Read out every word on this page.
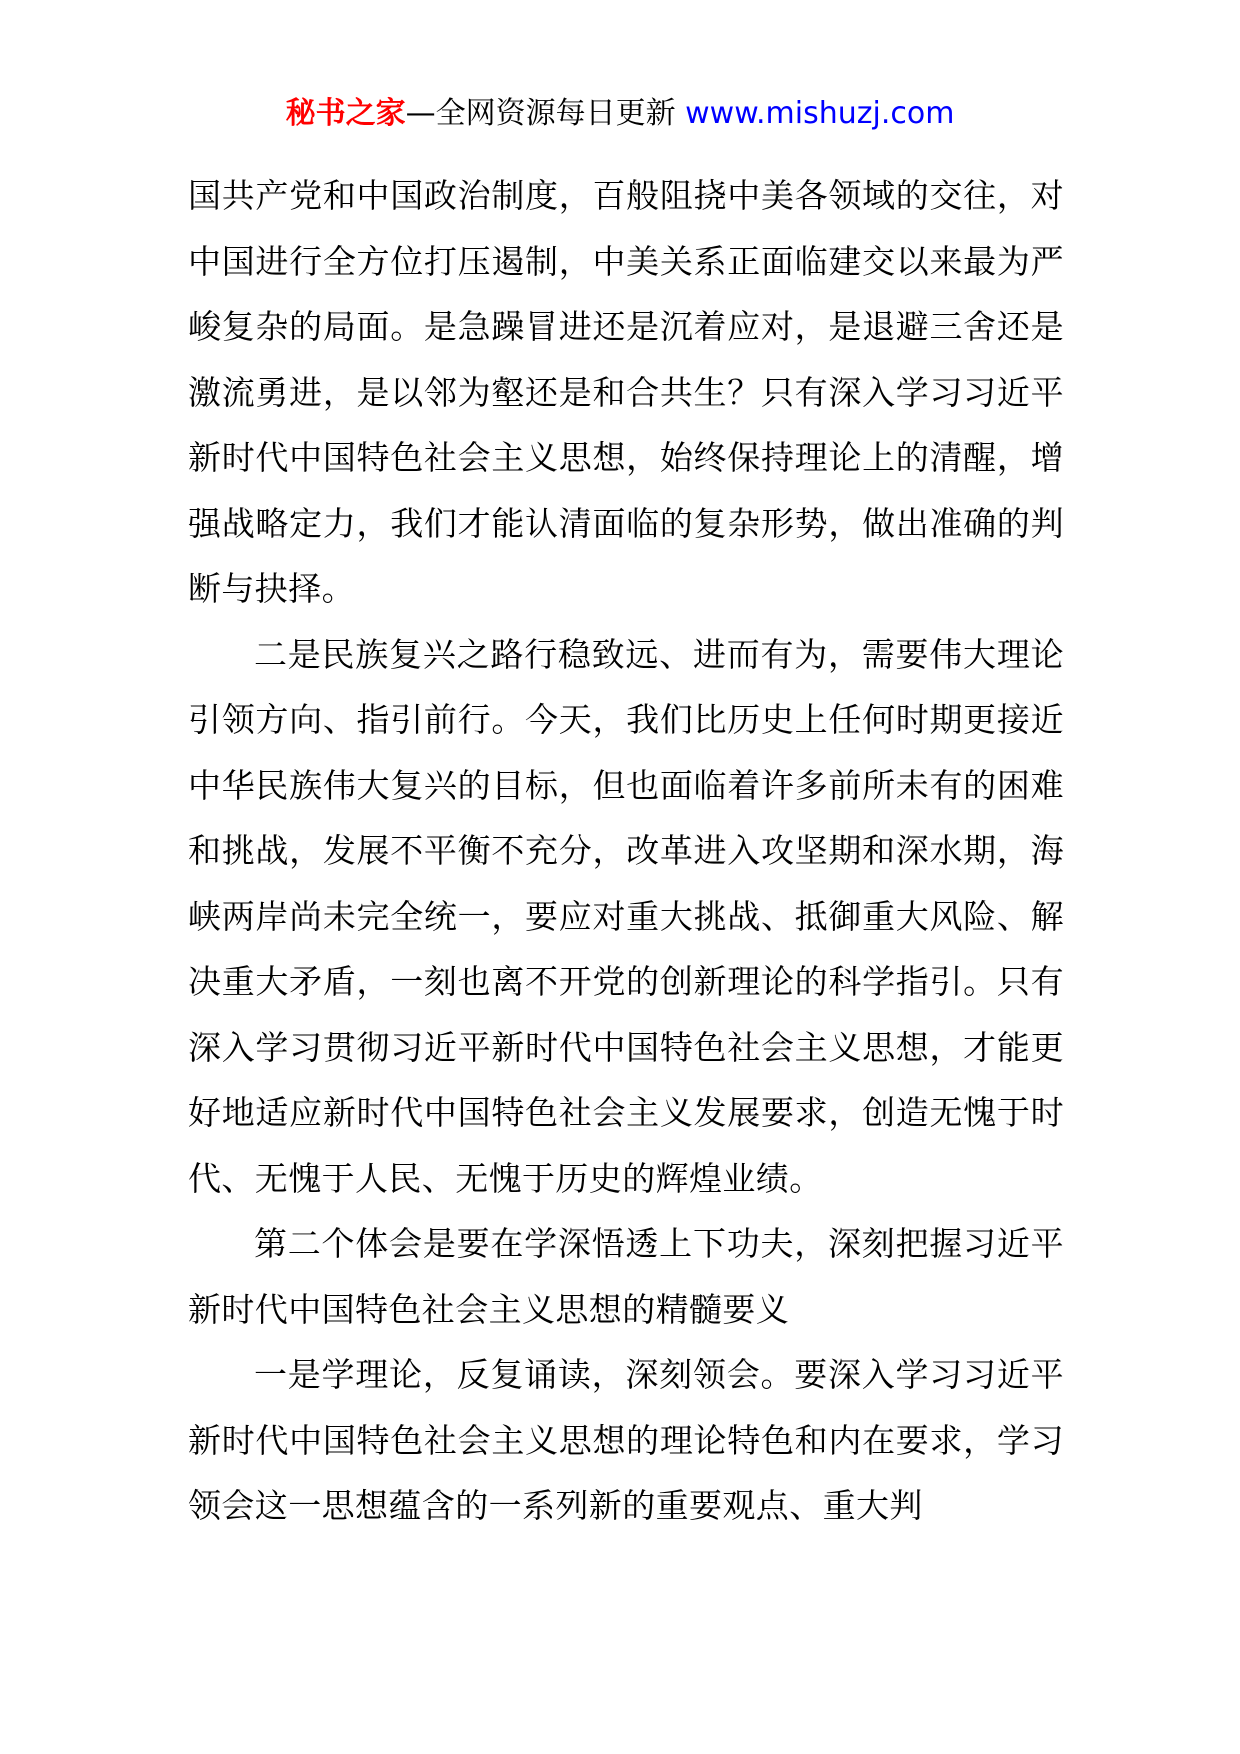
秘书之家—全网资源每日更新 www.mishuzj.com

国共产党和中国政治制度，百般阻挠中美各领域的交往，对中国进行全方位打压遏制，中美关系正面临建交以来最为严峻复杂的局面。是急躁冒进还是沉着应对，是退避三舍还是激流勇进，是以邻为壑还是和合共生？只有深入学习习近平新时代中国特色社会主义思想，始终保持理论上的清醒，增强战略定力，我们才能认清面临的复杂形势，做出准确的判断与抉择。

二是民族复兴之路行稳致远、进而有为，需要伟大理论引领方向、指引前行。今天，我们比历史上任何时期更接近中华民族伟大复兴的目标，但也面临着许多前所未有的困难和挑战，发展不平衡不充分，改革进入攻坚期和深水期，海峡两岸尚未完全统一，要应对重大挑战、抵御重大风险、解决重大矛盾，一刻也离不开党的创新理论的科学指引。只有深入学习贯彻习近平新时代中国特色社会主义思想，才能更好地适应新时代中国特色社会主义发展要求，创造无愧于时代、无愧于人民、无愧于历史的辉煌业绩。

第二个体会是要在学深悟透上下功夫，深刻把握习近平新时代中国特色社会主义思想的精髓要义

一是学理论，反复诵读，深刻领会。要深入学习习近平新时代中国特色社会主义思想的理论特色和内在要求，学习领会这一思想蕴含的一系列新的重要观点、重大判
